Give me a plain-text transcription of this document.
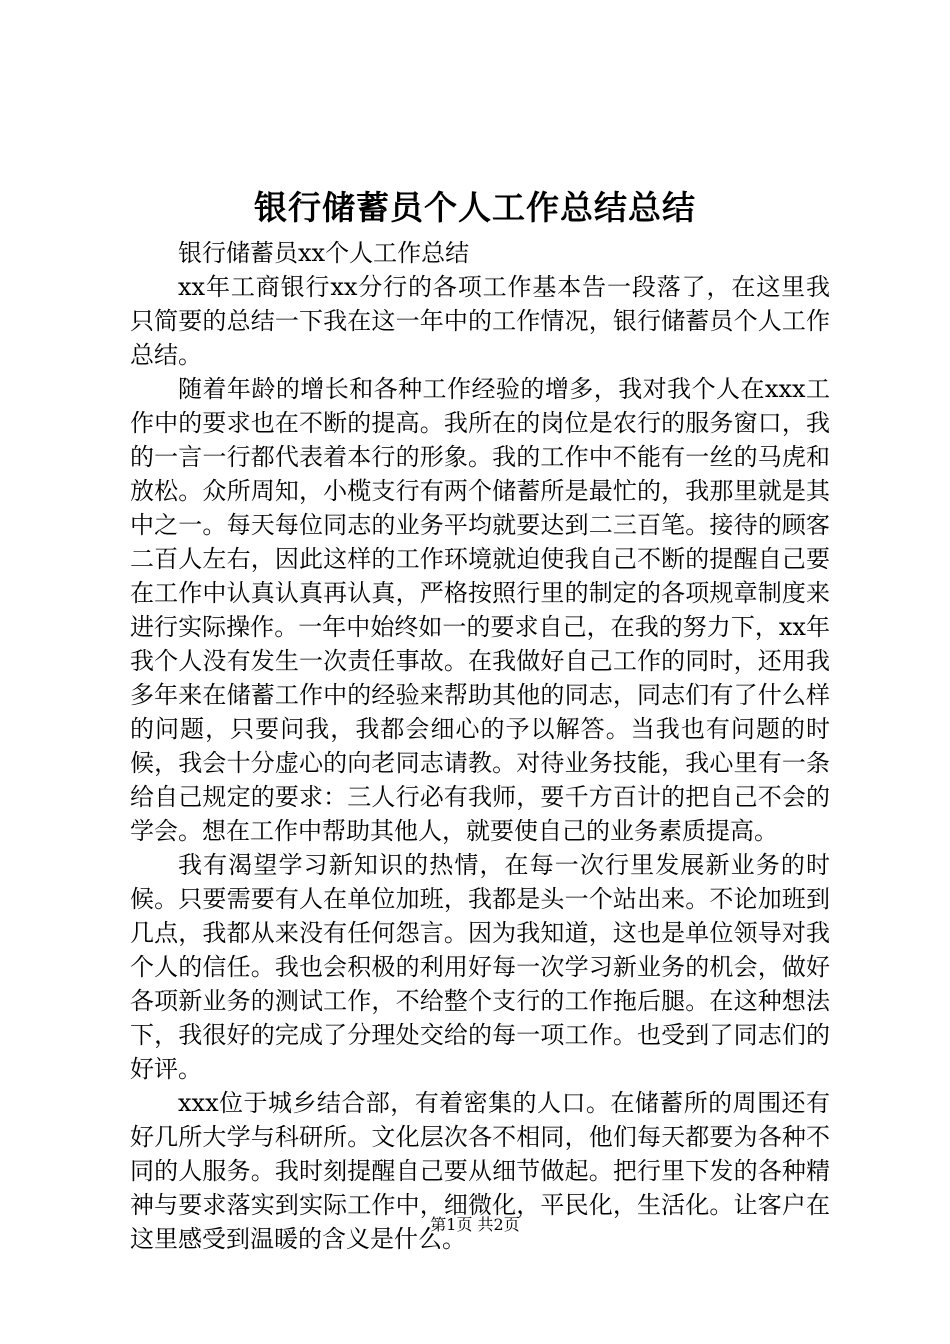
银行储蓄员个人工作总结总结

银行储蓄员xx个人工作总结

xx年工商银行xx分行的各项工作基本告一段落了，在这里我只简要的总结一下我在这一年中的工作情况，银行储蓄员个人工作总结。

随着年龄的增长和各种工作经验的增多，我对我个人在xxx工作中的要求也在不断的提高。我所在的岗位是农行的服务窗口，我的一言一行都代表着本行的形象。我的工作中不能有一丝的马虎和放松。众所周知，小榄支行有两个储蓄所是最忙的，我那里就是其中之一。每天每位同志的业务平均就要达到二三百笔。接待的顾客二百人左右，因此这样的工作环境就迫使我自己不断的提醒自己要在工作中认真认真再认真，严格按照行里的制定的各项规章制度来进行实际操作。一年中始终如一的要求自己，在我的努力下，xx年我个人没有发生一次责任事故。在我做好自己工作的同时，还用我多年来在储蓄工作中的经验来帮助其他的同志，同志们有了什么样的问题，只要问我，我都会细心的予以解答。当我也有问题的时候，我会十分虚心的向老同志请教。对待业务技能，我心里有一条给自己规定的要求：三人行必有我师，要千方百计的把自己不会的学会。想在工作中帮助其他人，就要使自己的业务素质提高。

我有渴望学习新知识的热情，在每一次行里发展新业务的时候。只要需要有人在单位加班，我都是头一个站出来。不论加班到几点，我都从来没有任何怨言。因为我知道，这也是单位领导对我个人的信任。我也会积极的利用好每一次学习新业务的机会，做好各项新业务的测试工作，不给整个支行的工作拖后腿。在这种想法下，我很好的完成了分理处交给的每一项工作。也受到了同志们的好评。

xxx位于城乡结合部，有着密集的人口。在储蓄所的周围还有好几所大学与科研所。文化层次各不相同，他们每天都要为各种不同的人服务。我时刻提醒自己要从细节做起。把行里下发的各种精神与要求落实到实际工作中，细微化，平民化，生活化。让客户在这里感受到温暖的含义是什么。

第1页 共2页
